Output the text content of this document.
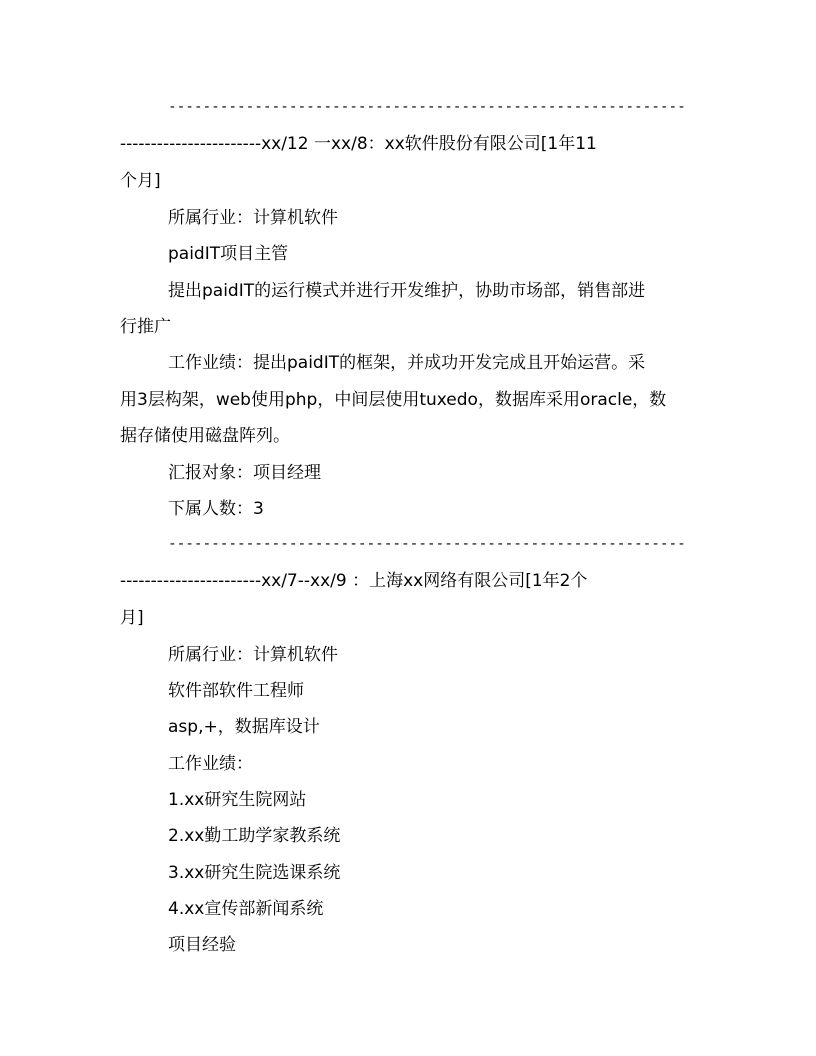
------------------------------------------------------------
-----------------------xx/12 一xx/8：xx软件股份有限公司[1年11
个月]
所属行业：计算机软件
paidIT项目主管
提出paidIT的运行模式并进行开发维护，协助市场部，销售部进
行推广
工作业绩：提出paidIT的框架，并成功开发完成且开始运营。采
用3层构架，web使用php，中间层使用tuxedo，数据库采用oracle，数
据存储使用磁盘阵列。
汇报对象：项目经理
下属人数：3
------------------------------------------------------------
-----------------------xx/7--xx/9 ：上海xx网络有限公司[1年2个
月]
所属行业：计算机软件
软件部软件工程师
asp,+，数据库设计
工作业绩：
1.xx研究生院网站
2.xx勤工助学家教系统
3.xx研究生院选课系统
4.xx宣传部新闻系统
项目经验
